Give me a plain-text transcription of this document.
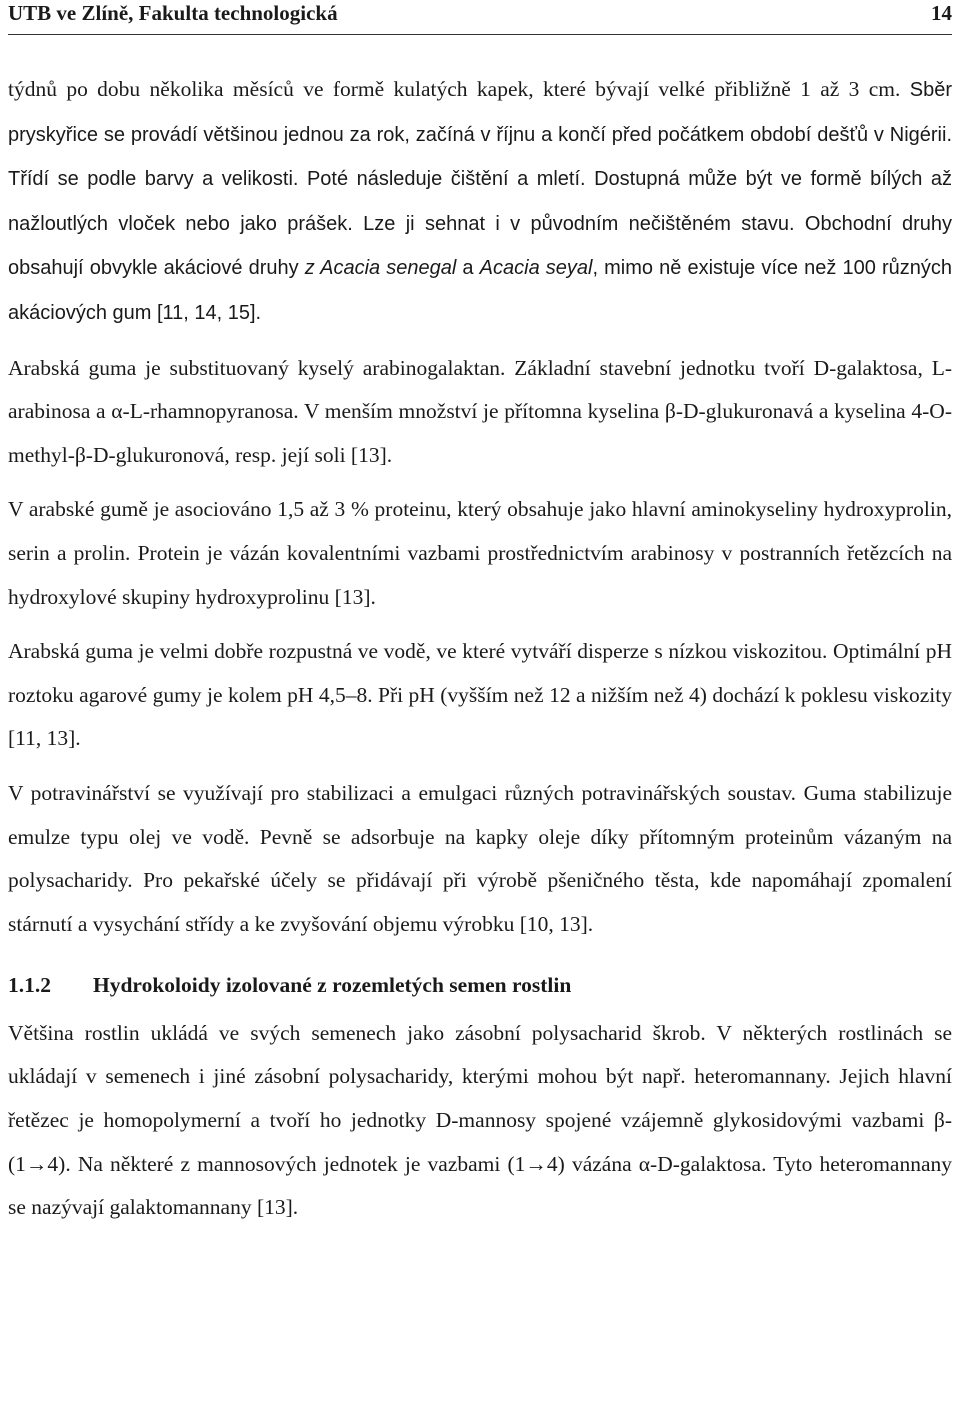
UTB ve Zlíně, Fakulta technologická	14

týdnů po dobu několika měsíců ve formě kulatých kapek, které bývají velké přibližně 1 až 3 cm. Sběr pryskyřice se provádí většinou jednou za rok, začíná v říjnu a končí před počátkem období dešťů v Nigérii. Třídí se podle barvy a velikosti. Poté následuje čištění a mletí. Dostupná může být ve formě bílých až nažloutlých vloček nebo jako prášek. Lze ji sehnat i v původním nečištěném stavu. Obchodní druhy obsahují obvykle akáciové druhy z Acacia senegal a Acacia seyal, mimo ně existuje více než 100 různých akáciových gum [11, 14, 15].

Arabská guma je substituovaný kyselý arabinogalaktan. Základní stavební jednotku tvoří D-galaktosa, L-arabinosa a α-L-rhamnopyranosa. V menším množství je přítomna kyselina β-D-glukuronavá a kyselina 4-O-methyl-β-D-glukuronová, resp. její soli [13].

V arabské gumě je asociováno 1,5 až 3 % proteinu, který obsahuje jako hlavní aminokyseliny hydroxyprolin, serin a prolin. Protein je vázán kovalentními vazbami prostřednictvím arabinosy v postranních řetězcích na hydroxylové skupiny hydroxyprolinu [13].

Arabská guma je velmi dobře rozpustná ve vodě, ve které vytváří disperze s nízkou viskozitou. Optimální pH roztoku agarové gumy je kolem pH 4,5–8. Při pH (vyšším než 12 a nižším než 4) dochází k poklesu viskozity [11, 13].

V potravinářství se využívají pro stabilizaci a emulgaci různých potravinářských soustav. Guma stabilizuje emulze typu olej ve vodě. Pevně se adsorbuje na kapky oleje díky přítomným proteinům vázaným na polysacharidy. Pro pekařské účely se přidávají při výrobě pšeničného těsta, kde napomáhají zpomalení stárnutí a vysychání střídy a ke zvyšování objemu výrobku [10, 13].

1.1.2 Hydrokoloidy izolované z rozemletých semen rostlin

Většina rostlin ukládá ve svých semenech jako zásobní polysacharid škrob. V některých rostlinách se ukládají v semenech i jiné zásobní polysacharidy, kterými mohou být např. heteromannany. Jejich hlavní řetězec je homopolymerní a tvoří ho jednotky D-mannosy spojené vzájemně glykosidovými vazbami β-(1→4). Na některé z mannosových jednotek je vazbami (1→4) vázána α-D-galaktosa. Tyto heteromannany se nazývají galaktomannany [13].
